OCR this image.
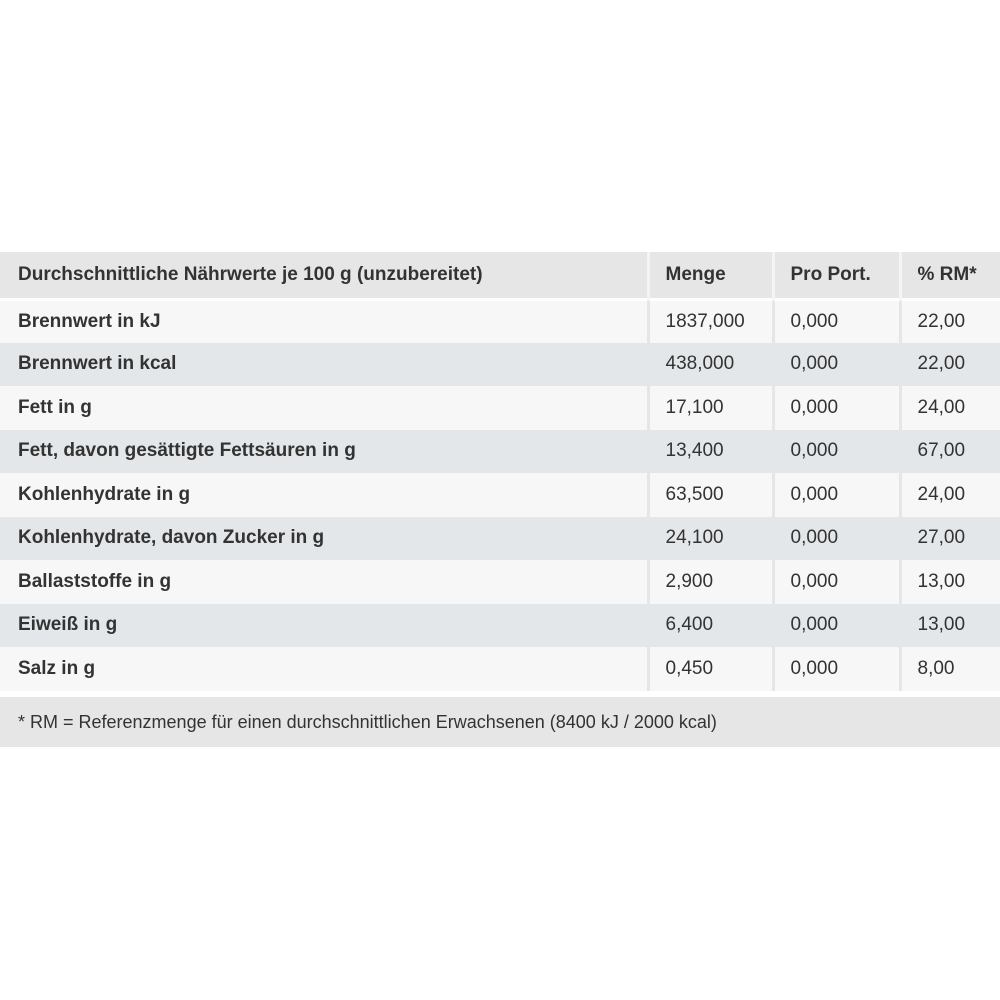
Durchschnittliche Nährwerte je 100 g (unzubereitet)	Menge	Pro Port.	% RM*
Brennwert in kJ	1837,000	0,000	22,00
Brennwert in kcal	438,000	0,000	22,00
Fett in g	17,100	0,000	24,00
Fett, davon gesättigte Fettsäuren in g	13,400	0,000	67,00
Kohlenhydrate in g	63,500	0,000	24,00
Kohlenhydrate, davon Zucker in g	24,100	0,000	27,00
Ballaststoffe in g	2,900	0,000	13,00
Eiweiß in g	6,400	0,000	13,00
Salz in g	0,450	0,000	8,00
* RM = Referenzmenge für einen durchschnittlichen Erwachsenen (8400 kJ / 2000 kcal)
